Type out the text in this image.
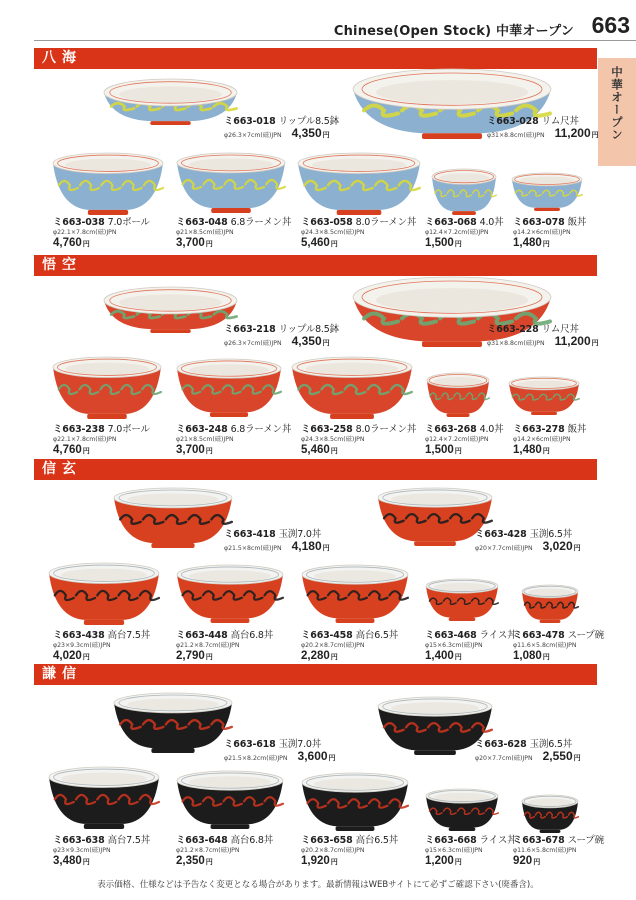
Chinese(Open Stock) 中華オープン 663
中華オープン
八海
悟空
信玄
謙信
ミ663-018 リップル8.5鉢
φ26.3×7cm(磁)JPN 4,350円
ミ663-028 リム尺丼
φ31×8.8cm(磁)JPN 11,200円
ミ663-038 7.0ボール
φ22.1×7.8cm(磁)JPN
4,760円
ミ663-048 6.8ラーメン丼
φ21×8.5cm(磁)JPN
3,700円
ミ663-058 8.0ラーメン丼
φ24.3×8.5cm(磁)JPN
5,460円
ミ663-068 4.0丼
φ12.4×7.2cm(磁)JPN
1,500円
ミ663-078 飯丼
φ14.2×6cm(磁)JPN
1,480円
ミ663-218 リップル8.5鉢
φ26.3×7cm(磁)JPN 4,350円
ミ663-228 リム尺丼
φ31×8.8cm(磁)JPN 11,200円
ミ663-238 7.0ボール
φ22.1×7.8cm(磁)JPN
4,760円
ミ663-248 6.8ラーメン丼
φ21×8.5cm(磁)JPN
3,700円
ミ663-258 8.0ラーメン丼
φ24.3×8.5cm(磁)JPN
5,460円
ミ663-268 4.0丼
φ12.4×7.2cm(磁)JPN
1,500円
ミ663-278 飯丼
φ14.2×6cm(磁)JPN
1,480円
ミ663-418 玉渕7.0丼
φ21.5×8cm(磁)JPN 4,180円
ミ663-428 玉渕6.5丼
φ20×7.7cm(磁)JPN 3,020円
ミ663-438 高台7.5丼
φ23×9.3cm(磁)JPN
4,020円
ミ663-448 高台6.8丼
φ21.2×8.7cm(磁)JPN
2,790円
ミ663-458 高台6.5丼
φ20.2×8.7cm(磁)JPN
2,280円
ミ663-468 ライス丼
φ15×6.3cm(磁)JPN
1,400円
ミ663-478 スープ碗
φ11.6×5.8cm(磁)JPN
1,080円
ミ663-618 玉渕7.0丼
φ21.5×8.2cm(磁)JPN 3,600円
ミ663-628 玉渕6.5丼
φ20×7.7cm(磁)JPN 2,550円
ミ663-638 高台7.5丼
φ23×9.3cm(磁)JPN
3,480円
ミ663-648 高台6.8丼
φ21.2×8.7cm(磁)JPN
2,350円
ミ663-658 高台6.5丼
φ20.2×8.7cm(磁)JPN
1,920円
ミ663-668 ライス丼
φ15×6.3cm(磁)JPN
1,200円
ミ663-678 スープ碗
φ11.6×5.8cm(磁)JPN
920円
表示価格、仕様などは予告なく変更となる場合があります。最新情報はWEBサイトにて必ずご確認下さい(廃番含)。
